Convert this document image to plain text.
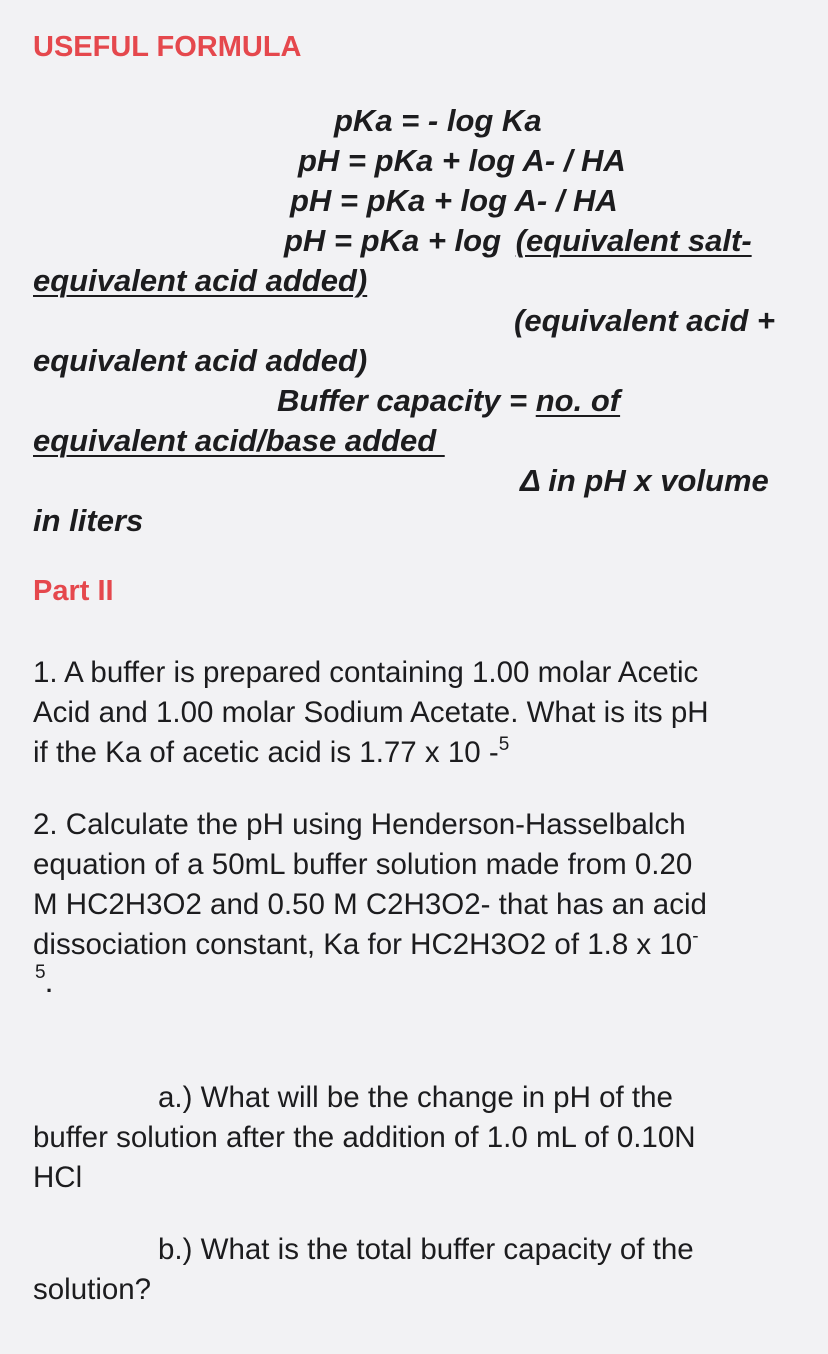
USEFUL FORMULA
pKa = - log Ka
pH = pKa + log A- / HA
pH = pKa + log A- / HA
pH = pKa + log (equivalent salt-
equivalent acid added)
(equivalent acid +
equivalent acid added)
Buffer capacity = no. of
equivalent acid/base added
Δ in pH x volume
in liters
Part II
1. A buffer is prepared containing 1.00 molar Acetic
Acid and 1.00 molar Sodium Acetate. What is its pH
if the Ka of acetic acid is 1.77 x 10 -$^5$
2. Calculate the pH using Henderson-Hasselbalch
equation of a 50mL buffer solution made from 0.20
M HC2H3O2 and 0.50 M C2H3O2- that has an acid
dissociation constant, Ka for HC2H3O2 of 1.8 x 10-
5 .
a.) What will be the change in pH of the
buffer solution after the addition of 1.0 mL of 0.10N
HCl
b.) What is the total buffer capacity of the
solution?
